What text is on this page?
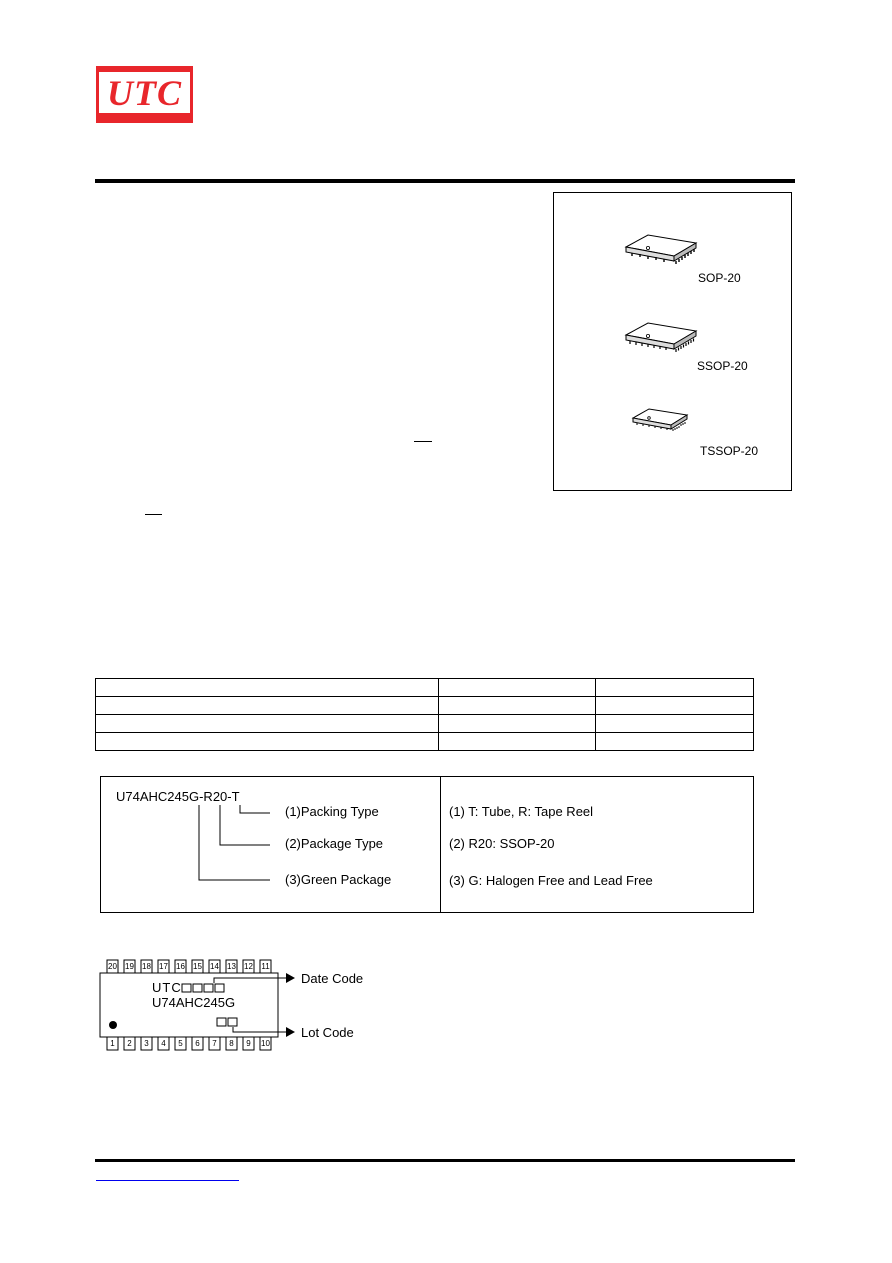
UTC
SOP-20
SSOP-20
TSSOP-20

U74AHC245G-R20-T
(1)Packing Type
(2)Package Type
(3)Green Package
(1) T: Tube, R: Tape Reel
(2) R20: SSOP-20
(3) G: Halogen Free and Lead Free
20 19 18 17 16 15 14 13 12 11
1	2	3	4	5	6	7	8	9	10
UTC
U74AHC245G
Date Code
Lot Code
